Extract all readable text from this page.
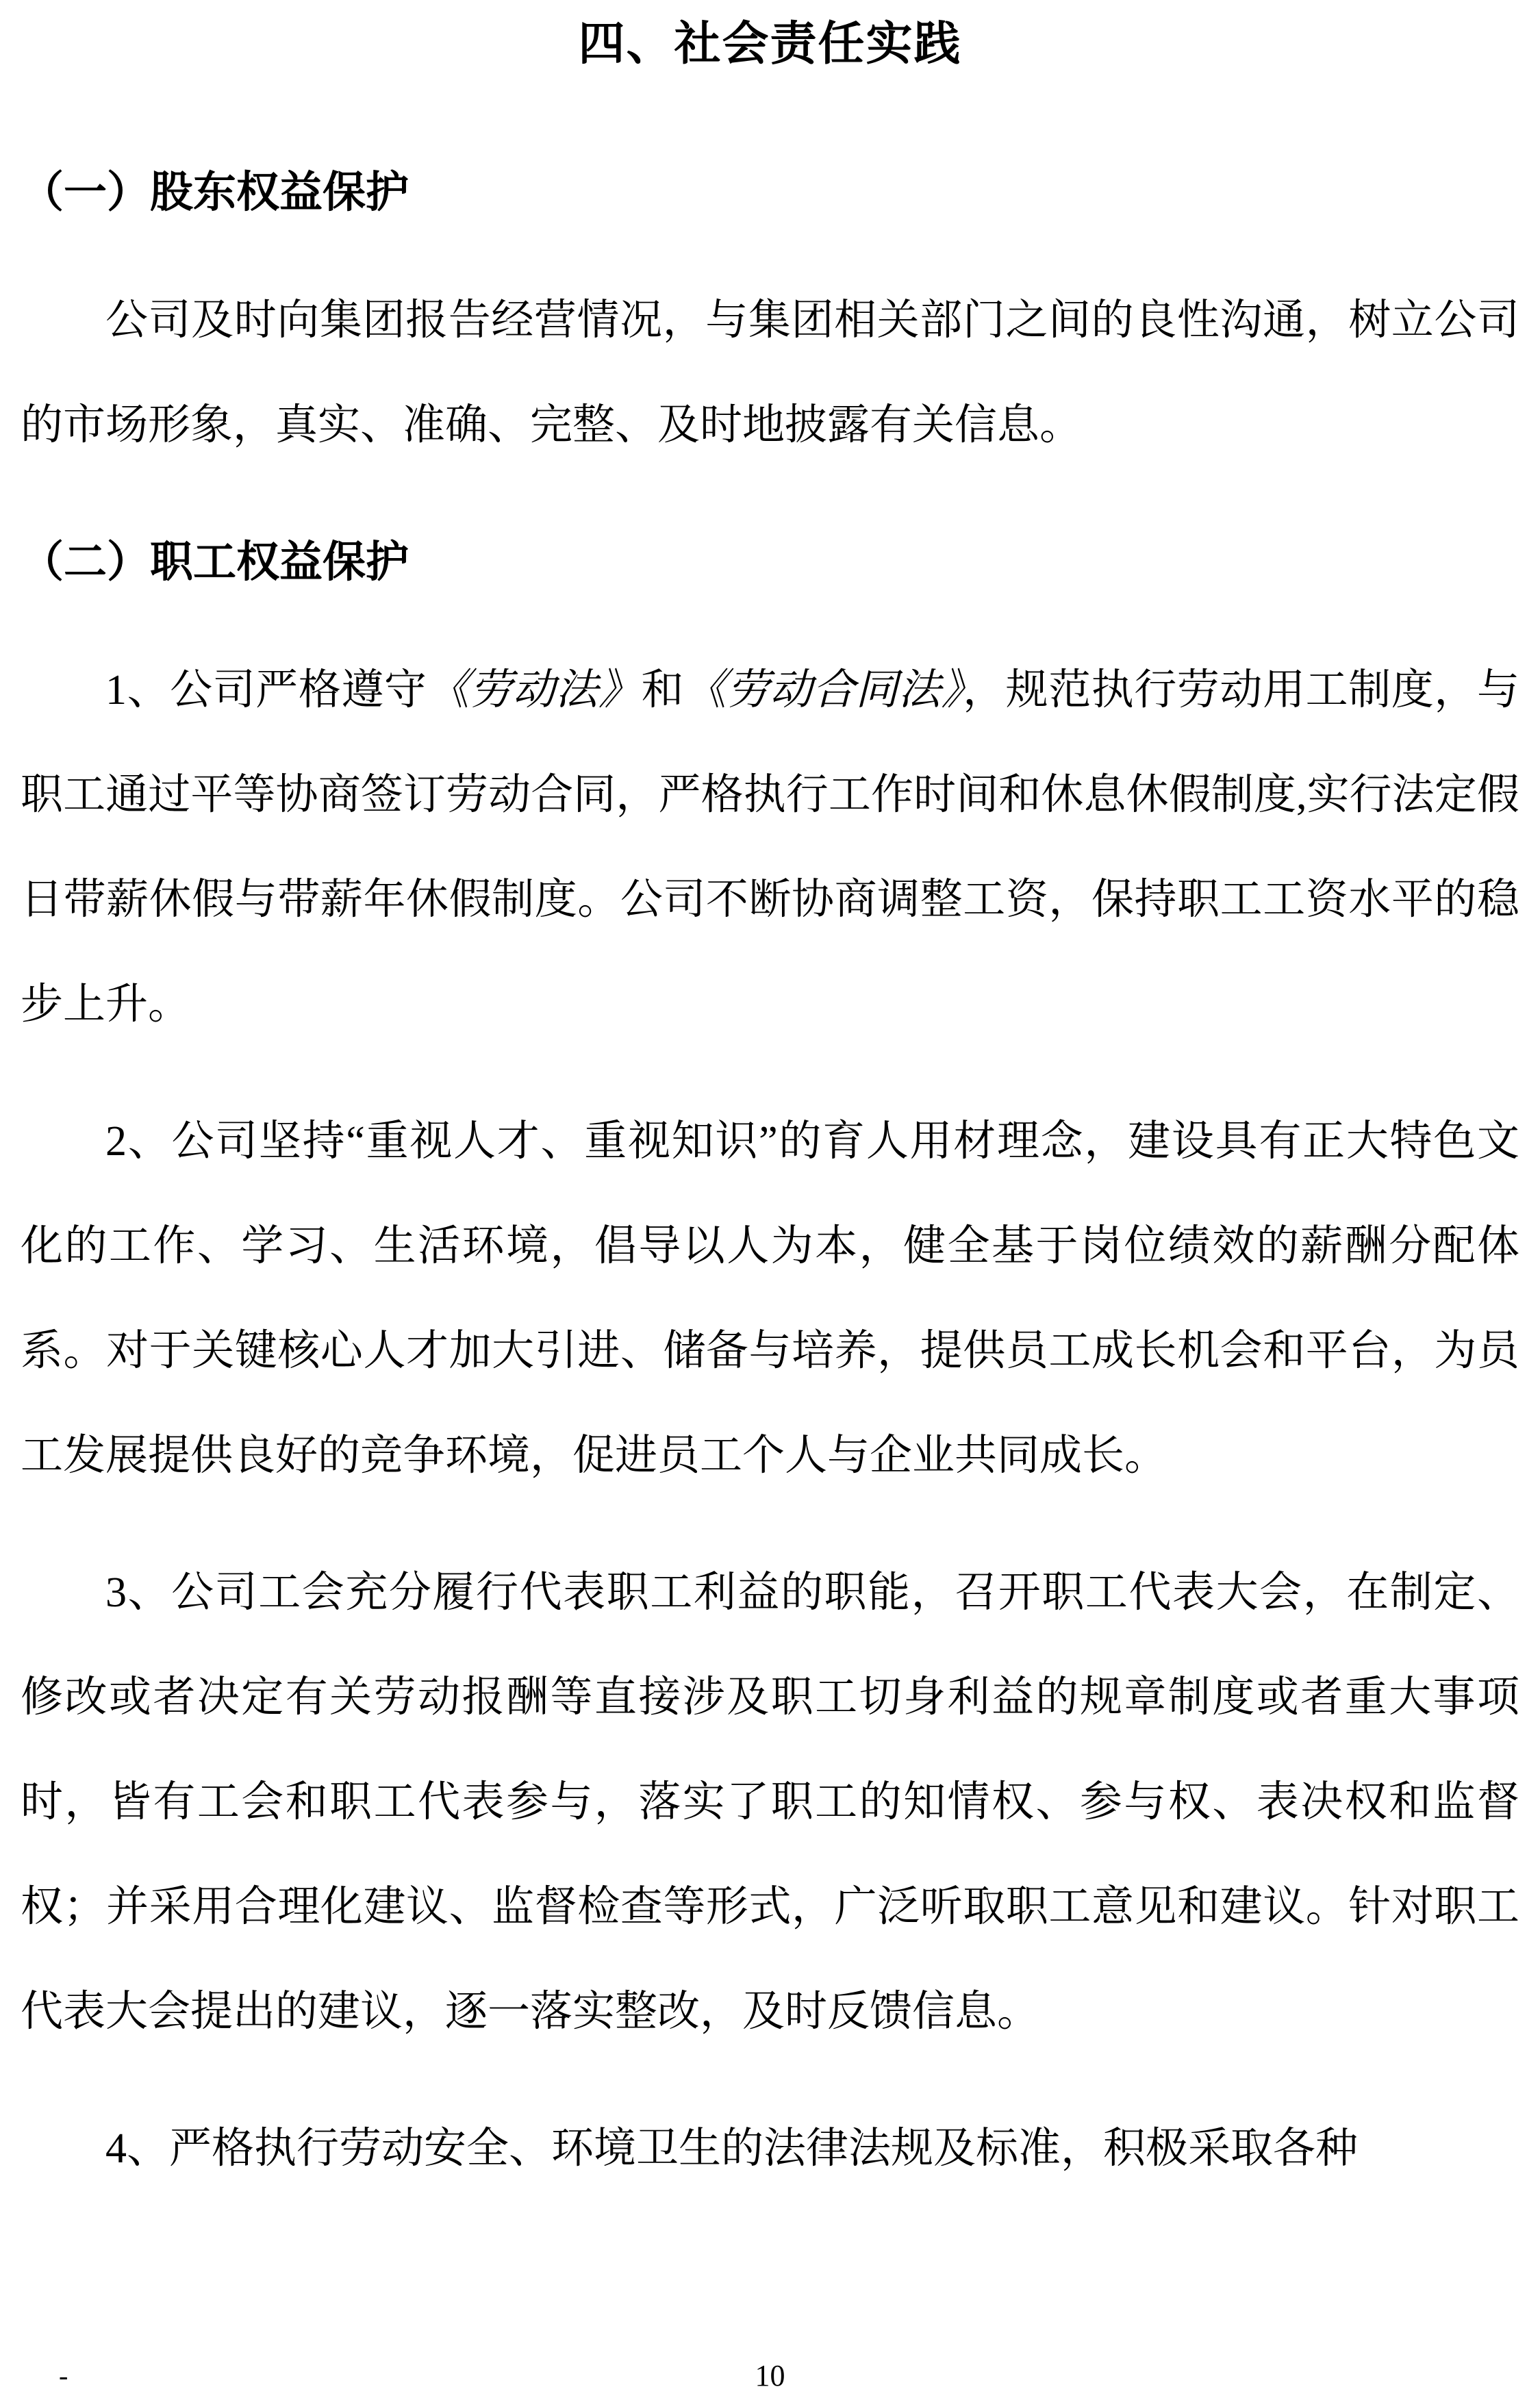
四、社会责任实践
（一）股东权益保护

公司及时向集团报告经营情况，与集团相关部门之间的良性沟通，树立公司的市场形象，真实、准确、完整、及时地披露有关信息。

（二）职工权益保护

1、公司严格遵守《劳动法》和《劳动合同法》，规范执行劳动用工制度，与职工通过平等协商签订劳动合同，严格执行工作时间和休息休假制度,实行法定假日带薪休假与带薪年休假制度。公司不断协商调整工资，保持职工工资水平的稳步上升。

2、公司坚持“重视人才、重视知识”的育人用材理念，建设具有正大特色文化的工作、学习、生活环境，倡导以人为本，健全基于岗位绩效的薪酬分配体系。对于关键核心人才加大引进、储备与培养，提供员工成长机会和平台，为员工发展提供良好的竞争环境，促进员工个人与企业共同成长。

3、公司工会充分履行代表职工利益的职能，召开职工代表大会，在制定、修改或者决定有关劳动报酬等直接涉及职工切身利益的规章制度或者重大事项时，皆有工会和职工代表参与，落实了职工的知情权、参与权、表决权和监督权；并采用合理化建议、监督检查等形式，广泛听取职工意见和建议。针对职工代表大会提出的建议，逐一落实整改，及时反馈信息。

4、严格执行劳动安全、环境卫生的法律法规及标准，积极采取各种

-	10
